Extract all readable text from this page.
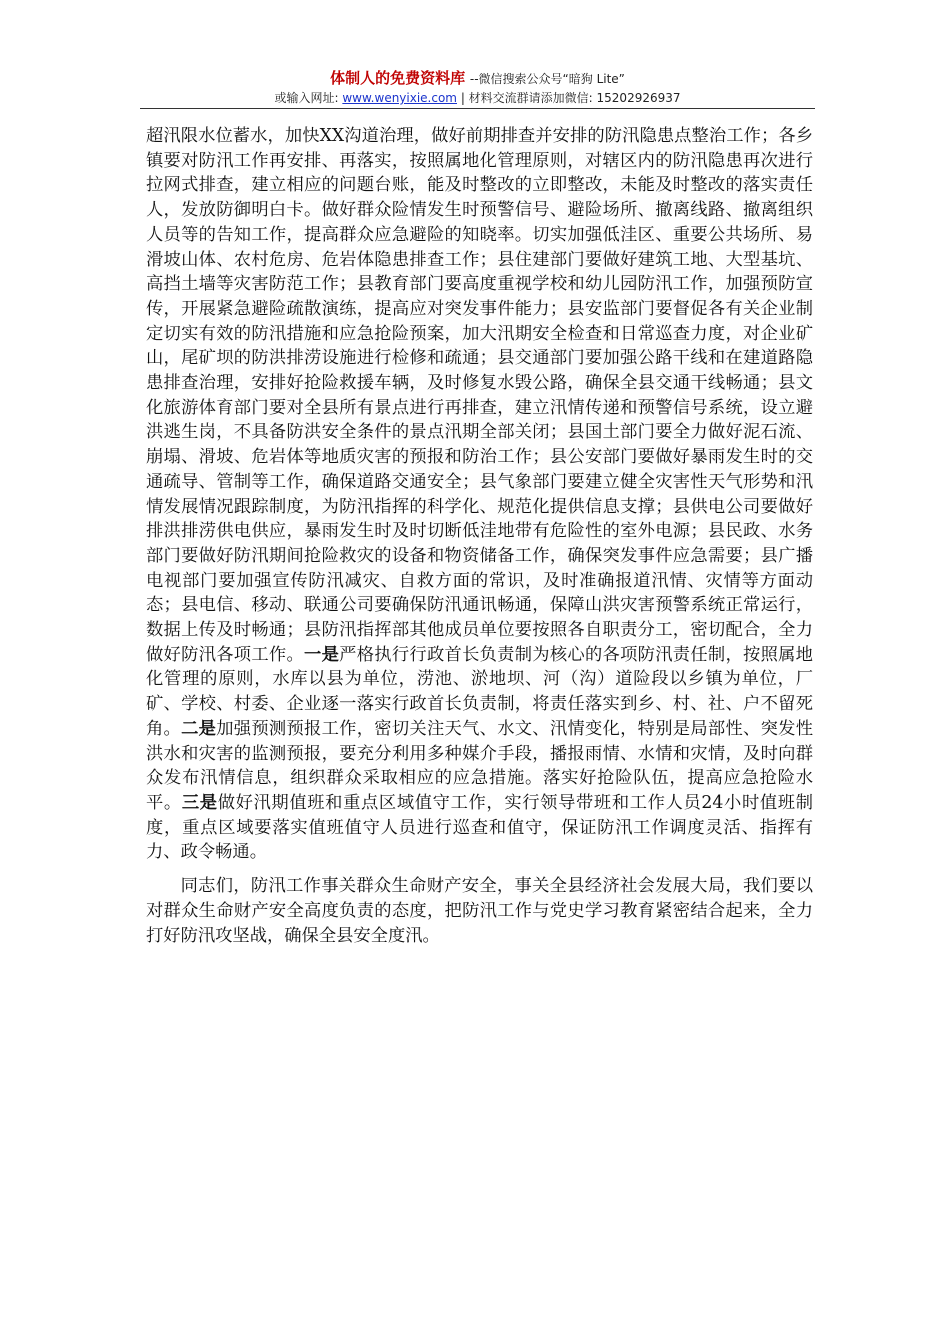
体制人的免费资料库 --微信搜索公众号“暗狗 Lite”
或输入网址: www.wenyixie.com | 材料交流群请添加微信: 15202926937

超汛限水位蓄水，加快XX沟道治理，做好前期排查并安排的防汛隐患点整治工作；各乡镇要对防汛工作再安排、再落实，按照属地化管理原则，对辖区内的防汛隐患再次进行拉网式排查，建立相应的问题台账，能及时整改的立即整改，未能及时整改的落实责任人，发放防御明白卡。做好群众险情发生时预警信号、避险场所、撤离线路、撤离组织人员等的告知工作，提高群众应急避险的知晓率。切实加强低洼区、重要公共场所、易滑坡山体、农村危房、危岩体隐患排查工作；县住建部门要做好建筑工地、大型基坑、高挡土墙等灾害防范工作；县教育部门要高度重视学校和幼儿园防汛工作，加强预防宣传，开展紧急避险疏散演练，提高应对突发事件能力；县安监部门要督促各有关企业制定切实有效的防汛措施和应急抢险预案，加大汛期安全检查和日常巡查力度，对企业矿山，尾矿坝的防洪排涝设施进行检修和疏通；县交通部门要加强公路干线和在建道路隐患排查治理，安排好抢险救援车辆，及时修复水毁公路，确保全县交通干线畅通；县文化旅游体育部门要对全县所有景点进行再排查，建立汛情传递和预警信号系统，设立避洪逃生岗，不具备防洪安全条件的景点汛期全部关闭；县国土部门要全力做好泥石流、崩塌、滑坡、危岩体等地质灾害的预报和防治工作；县公安部门要做好暴雨发生时的交通疏导、管制等工作，确保道路交通安全；县气象部门要建立健全灾害性天气形势和汛情发展情况跟踪制度，为防汛指挥的科学化、规范化提供信息支撑；县供电公司要做好排洪排涝供电供应，暴雨发生时及时切断低洼地带有危险性的室外电源；县民政、水务部门要做好防汛期间抢险救灾的设备和物资储备工作，确保突发事件应急需要；县广播电视部门要加强宣传防汛减灾、自救方面的常识，及时准确报道汛情、灾情等方面动态；县电信、移动、联通公司要确保防汛通讯畅通，保障山洪灾害预警系统正常运行，数据上传及时畅通；县防汛指挥部其他成员单位要按照各自职责分工，密切配合，全力做好防汛各项工作。一是严格执行行政首长负责制为核心的各项防汛责任制，按照属地化管理的原则，水库以县为单位，涝池、淤地坝、河（沟）道险段以乡镇为单位，厂矿、学校、村委、企业逐一落实行政首长负责制，将责任落实到乡、村、社、户不留死角。二是加强预测预报工作，密切关注天气、水文、汛情变化，特别是局部性、突发性洪水和灾害的监测预报，要充分利用多种媒介手段，播报雨情、水情和灾情，及时向群众发布汛情信息，组织群众采取相应的应急措施。落实好抢险队伍，提高应急抢险水平。三是做好汛期值班和重点区域值守工作，实行领导带班和工作人员24小时值班制度，重点区域要落实值班值守人员进行巡查和值守，保证防汛工作调度灵活、指挥有力、政令畅通。

同志们，防汛工作事关群众生命财产安全，事关全县经济社会发展大局，我们要以对群众生命财产安全高度负责的态度，把防汛工作与党史学习教育紧密结合起来，全力打好防汛攻坚战，确保全县安全度汛。
